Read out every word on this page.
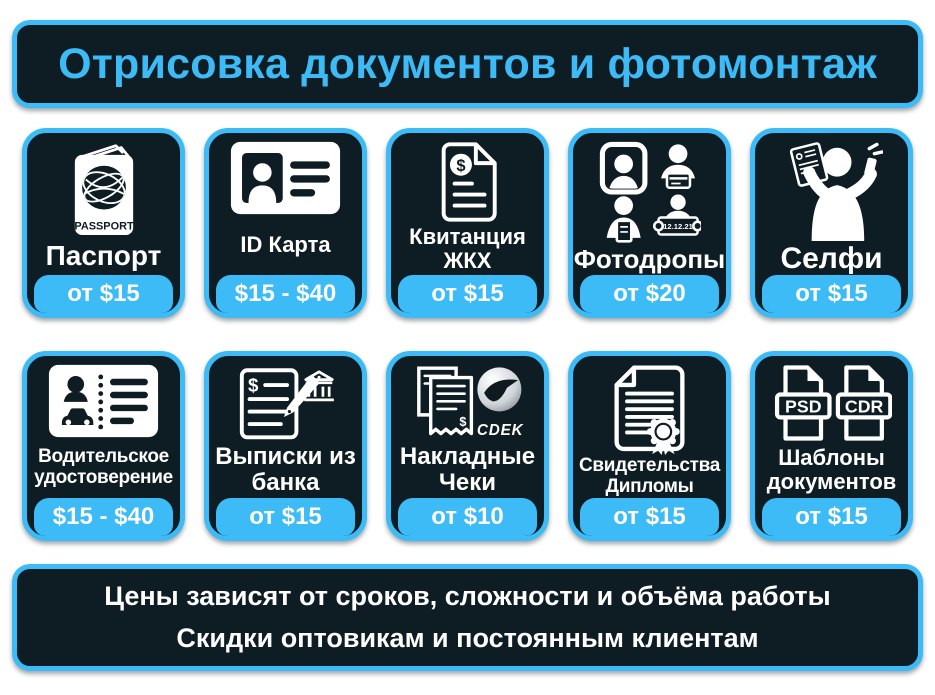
Отрисовка документов и фотомонтаж
PASSPORT
Паспорт
от $15
ID Карта
$15 - $40
$
Квитанция ЖКХ
от $15
12.12.21
Фотодропы
от $20
Селфи
от $15
Водительское удостоверение
$15 - $40
$
Выписки из банка
от $15
$
CDEK
Накладные Чеки
от $10
Свидетельства Дипломы
от $15
PSD CDR
Шаблоны документов
от $15
Цены зависят от сроков, сложности и объёма работы
Скидки оптовикам и постоянным клиентам
